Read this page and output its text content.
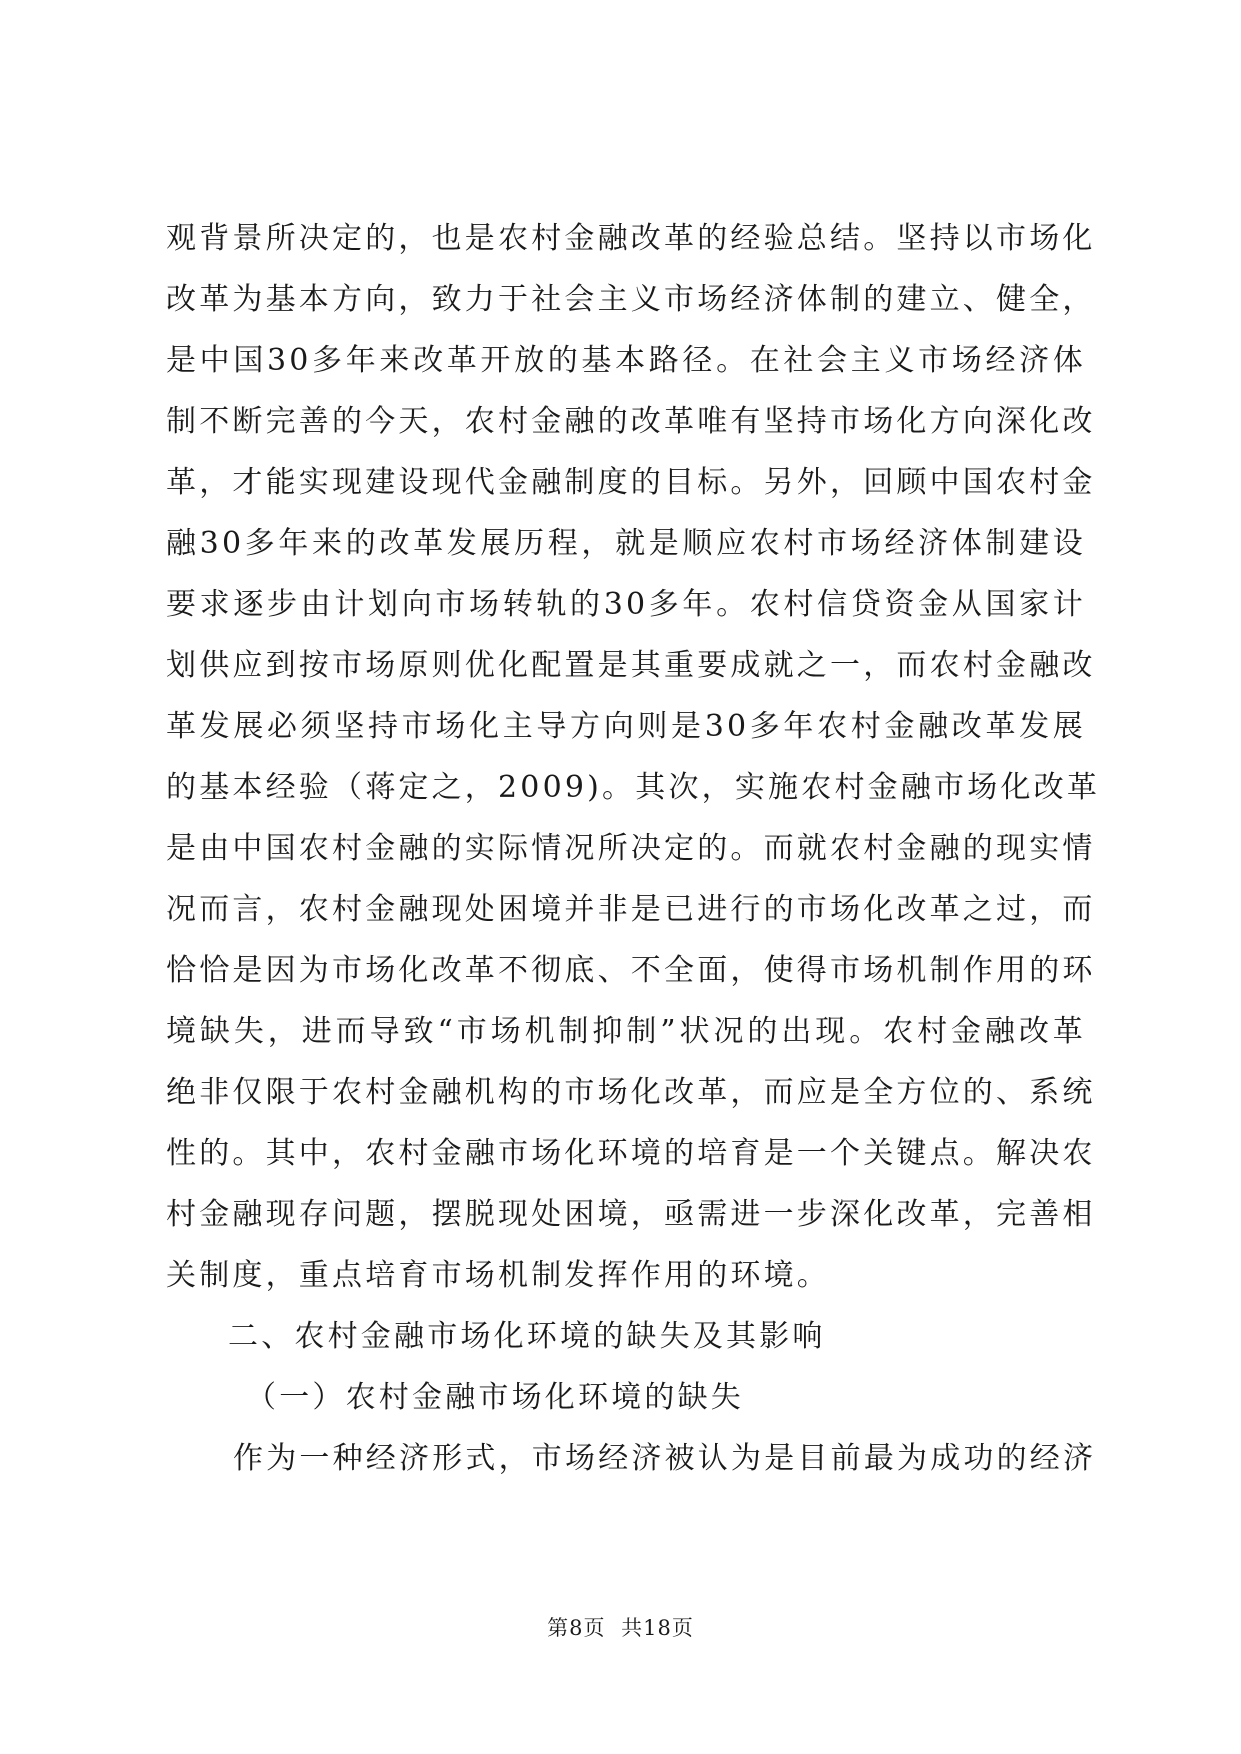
观背景所决定的，也是农村金融改革的经验总结。坚持以市场化
改革为基本方向，致力于社会主义市场经济体制的建立、健全，
是中国30多年来改革开放的基本路径。在社会主义市场经济体
制不断完善的今天，农村金融的改革唯有坚持市场化方向深化改
革，才能实现建设现代金融制度的目标。另外，回顾中国农村金
融30多年来的改革发展历程，就是顺应农村市场经济体制建设
要求逐步由计划向市场转轨的30多年。农村信贷资金从国家计
划供应到按市场原则优化配置是其重要成就之一，而农村金融改
革发展必须坚持市场化主导方向则是30多年农村金融改革发展
的基本经验（蒋定之，2009)。其次，实施农村金融市场化改革
是由中国农村金融的实际情况所决定的。而就农村金融的现实情
况而言，农村金融现处困境并非是已进行的市场化改革之过，而
恰恰是因为市场化改革不彻底、不全面，使得市场机制作用的环
境缺失，进而导致“市场机制抑制”状况的出现。农村金融改革
绝非仅限于农村金融机构的市场化改革，而应是全方位的、系统
性的。其中，农村金融市场化环境的培育是一个关键点。解决农
村金融现存问题，摆脱现处困境，亟需进一步深化改革，完善相
关制度，重点培育市场机制发挥作用的环境。
二、农村金融市场化环境的缺失及其影响
（一）农村金融市场化环境的缺失
作为一种经济形式，市场经济被认为是目前最为成功的经济
第8页 共18页
